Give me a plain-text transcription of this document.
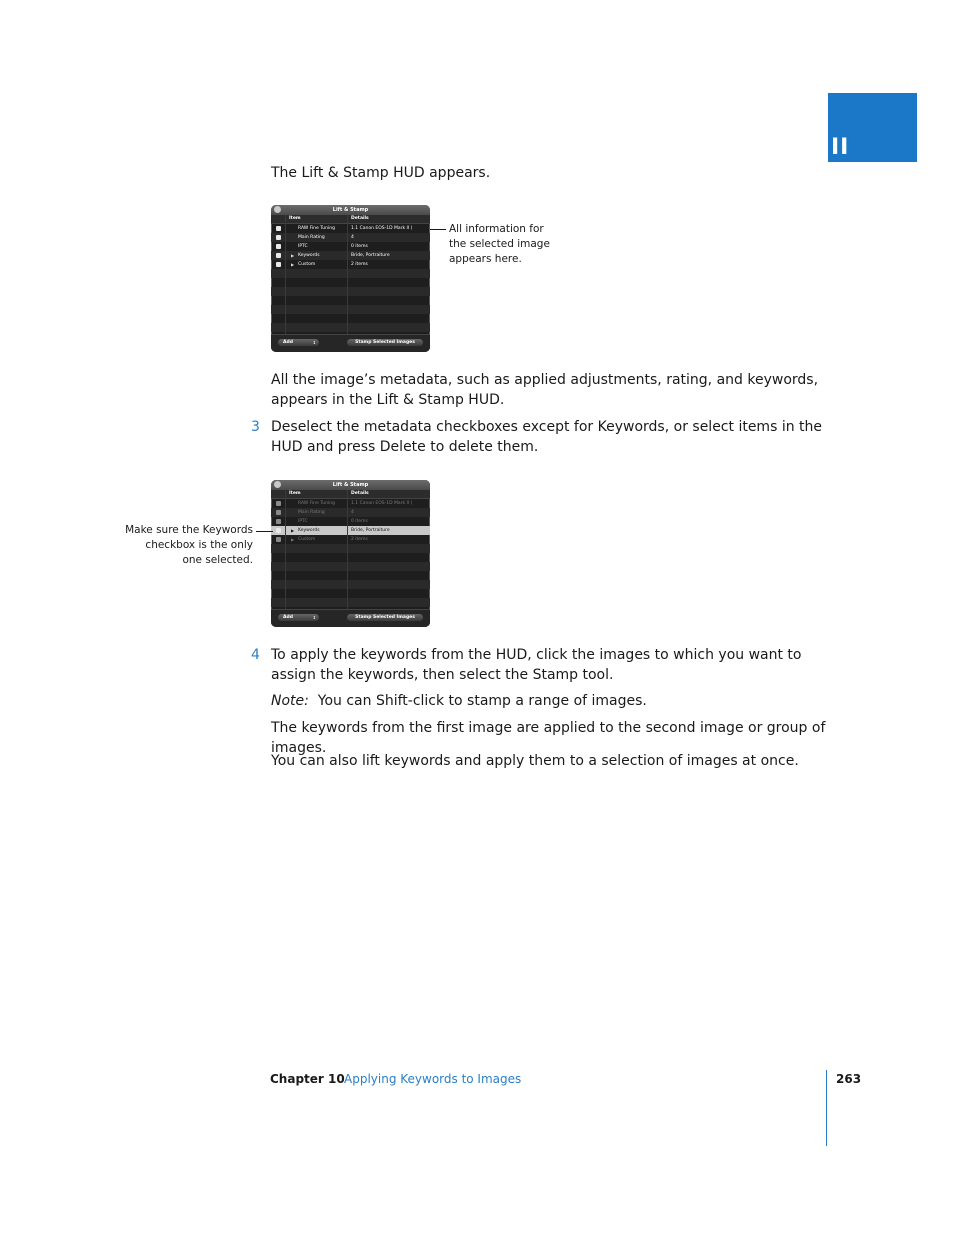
II

The Lift & Stamp HUD appears.

Lift & Stamp
Item	Details
RAW Fine Tuning	1.1 Canon EOS-1D Mark II (
Main Rating	4
IPTC	0 items
▶ Keywords	Bride, Portraiture
▶ Custom	2 items
Add ↕	Stamp Selected Images
All information for
the selected image
appears here.

All the image’s metadata, such as applied adjustments, rating, and keywords, appears in the Lift & Stamp HUD.

3 Deselect the metadata checkboxes except for Keywords, or select items in the HUD and press Delete to delete them.

Lift & Stamp
Item	Details
RAW Fine Tuning	1.1 Canon EOS-1D Mark II (
Main Rating	4
IPTC	0 items
▶ Keywords	Bride, Portraiture
▶ Custom	2 items
Add ↕	Stamp Selected Images
Make sure the Keywords
checkbox is the only
one selected.
4 To apply the keywords from the HUD, click the images to which you want to assign the keywords, then select the Stamp tool.

Note: You can Shift-click to stamp a range of images.

The keywords from the first image are applied to the second image or group of images.

You can also lift keywords and apply them to a selection of images at once.

Chapter 10 Applying Keywords to Images	263
